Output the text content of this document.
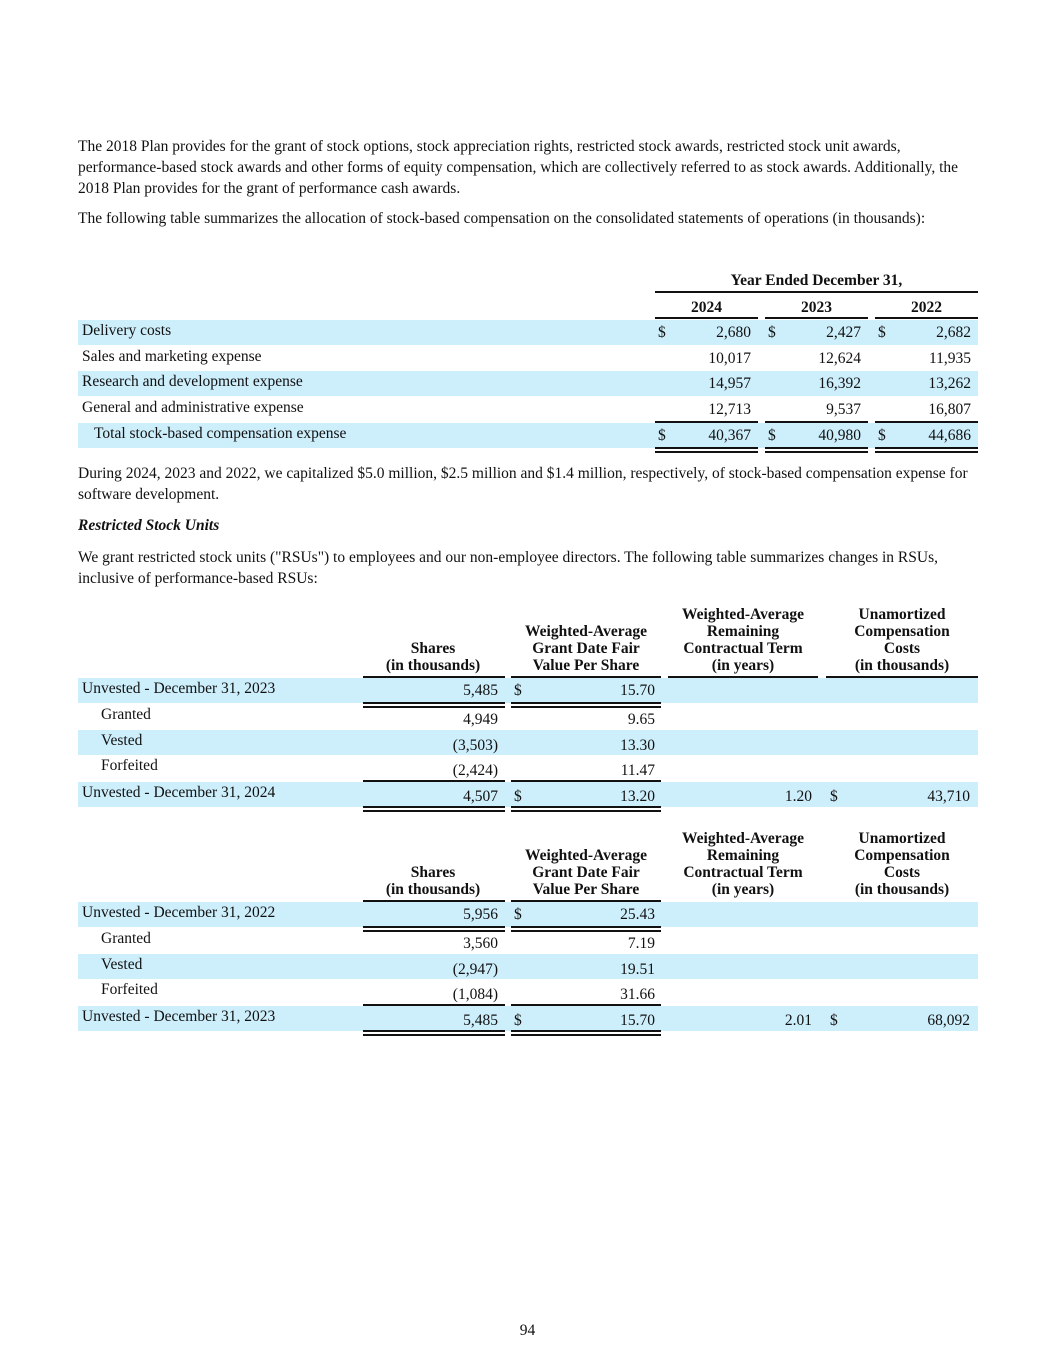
The 2018 Plan provides for the grant of stock options, stock appreciation rights, restricted stock awards, restricted stock unit awards, performance-based stock awards and other forms of equity compensation, which are collectively referred to as stock awards. Additionally, the 2018 Plan provides for the grant of performance cash awards.

The following table summarizes the allocation of stock-based compensation on the consolidated statements of operations (in thousands):

Year Ended December 31,
2024	2023	2022
Delivery costs	$	2,680 $	2,427 $	2,682
Sales and marketing expense	10,017	12,624	11,935
Research and development expense	14,957	16,392	13,262
General and administrative expense	12,713	9,537	16,807
Total stock-based compensation expense	$	40,367 $	40,980 $	44,686

During 2024, 2023 and 2022, we capitalized $5.0 million, $2.5 million and $1.4 million, respectively, of stock-based compensation expense for software development.

Restricted Stock Units

We grant restricted stock units ("RSUs") to employees and our non-employee directors. The following table summarizes changes in RSUs, inclusive of performance-based RSUs:

Shares
(in thousands)
Weighted-Average
Grant Date Fair
Value Per Share
Weighted-Average
Remaining
Contractual Term
(in years)
Unamortized
Compensation
Costs
(in thousands)
Unvested - December 31, 2023	5,485 $	15.70
Granted	4,949	9.65
Vested	(3,503)	13.30
Forfeited	(2,424)	11.47
Unvested - December 31, 2024	4,507 $	13.20	1.20 $	43,710
Shares
(in thousands)
Weighted-Average
Grant Date Fair
Value Per Share
Weighted-Average
Remaining
Contractual Term
(in years)
Unamortized
Compensation
Costs
(in thousands)
Unvested - December 31, 2022	5,956 $	25.43
Granted	3,560	7.19
Vested	(2,947)	19.51
Forfeited	(1,084)	31.66
Unvested - December 31, 2023	5,485 $	15.70	2.01 $	68,092
94
